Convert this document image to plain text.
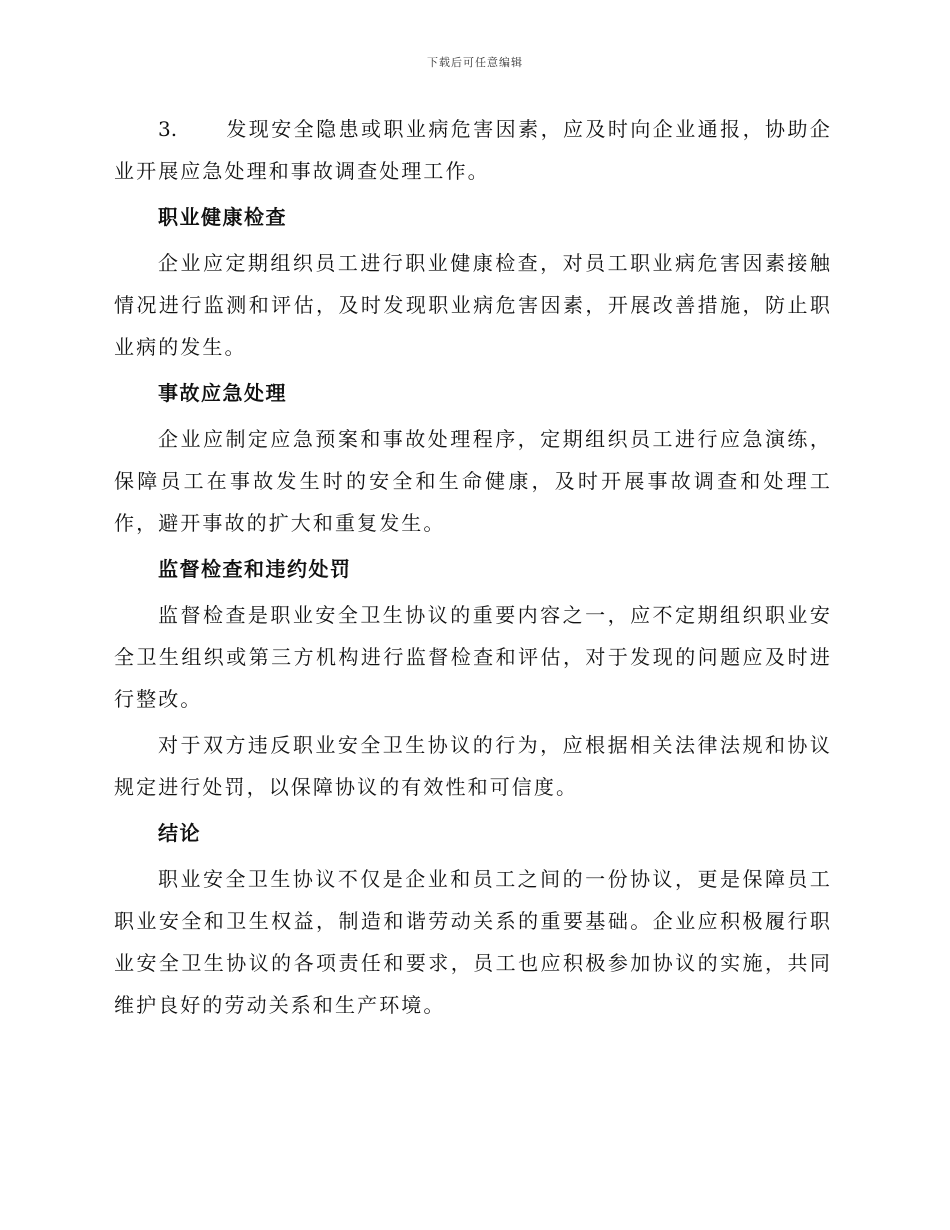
下载后可任意编辑

3. 发现安全隐患或职业病危害因素，应及时向企业通报，协助企业开展应急处理和事故调查处理工作。

职业健康检查

企业应定期组织员工进行职业健康检查，对员工职业病危害因素接触情况进行监测和评估，及时发现职业病危害因素，开展改善措施，防止职业病的发生。

事故应急处理

企业应制定应急预案和事故处理程序，定期组织员工进行应急演练，保障员工在事故发生时的安全和生命健康，及时开展事故调查和处理工作，避开事故的扩大和重复发生。

监督检查和违约处罚

监督检查是职业安全卫生协议的重要内容之一，应不定期组织职业安全卫生组织或第三方机构进行监督检查和评估，对于发现的问题应及时进行整改。

对于双方违反职业安全卫生协议的行为，应根据相关法律法规和协议规定进行处罚，以保障协议的有效性和可信度。

结论

职业安全卫生协议不仅是企业和员工之间的一份协议，更是保障员工职业安全和卫生权益，制造和谐劳动关系的重要基础。企业应积极履行职业安全卫生协议的各项责任和要求，员工也应积极参加协议的实施，共同维护良好的劳动关系和生产环境。
